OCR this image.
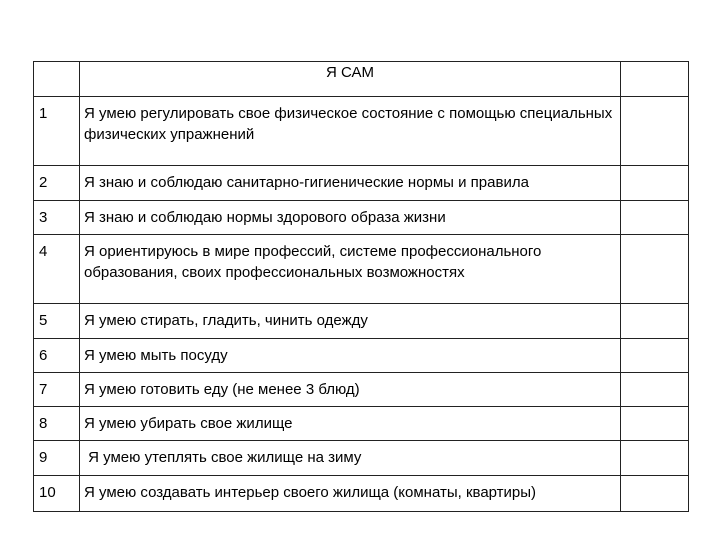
	Я САМ	
1	Я умею регулировать свое физическое состояние с помощью специальных физических упражнений	
2	Я знаю и соблюдаю санитарно-гигиенические нормы и правила	
3	Я знаю и соблюдаю нормы здорового образа жизни	
4	Я ориентируюсь в мире профессий, системе профессионального образования, своих профессиональных возможностях	
5	Я умею стирать, гладить, чинить одежду	
6	Я умею мыть посуду	
7	Я умею готовить еду (не менее 3 блюд)	
8	Я умею убирать свое жилище	
9	Я умею утеплять свое жилище на зиму	
10	Я умею создавать интерьер своего жилища (комнаты, квартиры)	
